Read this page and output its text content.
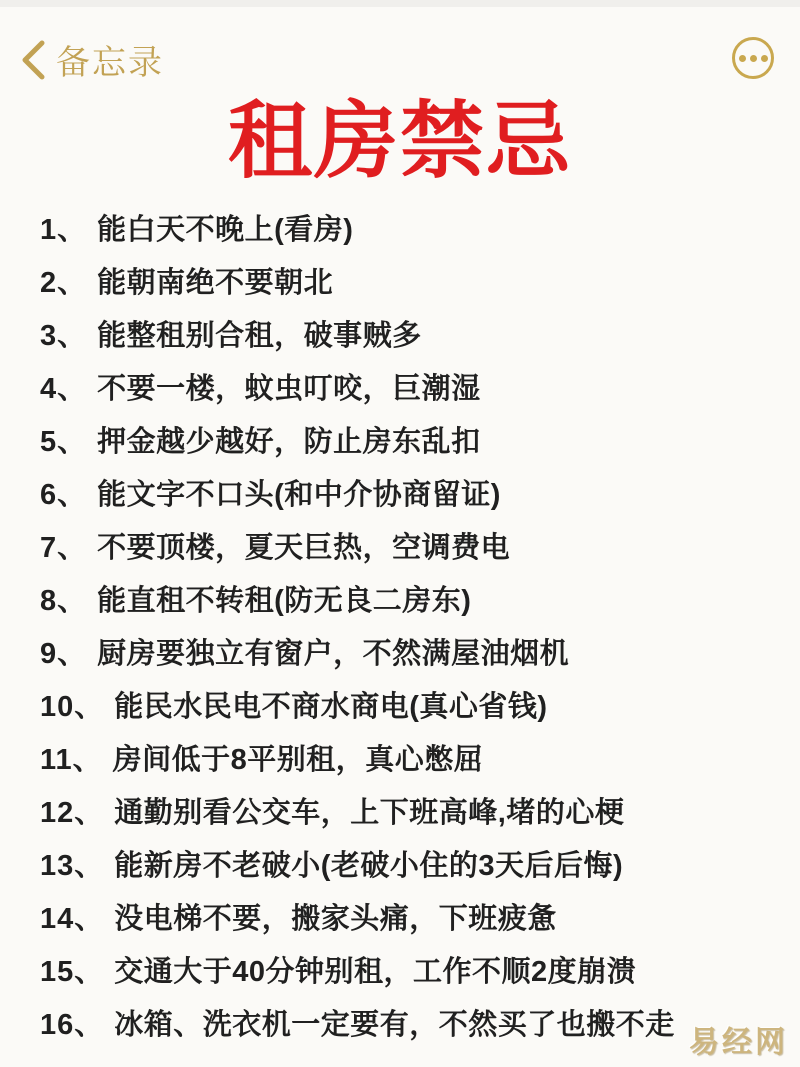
备忘录
租房禁忌
1、 能白天不晚上(看房)
2、 能朝南绝不要朝北
3、 能整租别合租，破事贼多
4、 不要一楼，蚊虫叮咬，巨潮湿
5、 押金越少越好，防止房东乱扣
6、 能文字不口头(和中介协商留证)
7、 不要顶楼，夏天巨热，空调费电
8、 能直租不转租(防无良二房东)
9、 厨房要独立有窗户，不然满屋油烟机
10、 能民水民电不商水商电(真心省钱)
11、 房间低于8平别租，真心憋屈
12、 通勤别看公交车，上下班高峰,堵的心梗
13、 能新房不老破小(老破小住的3天后后悔)
14、 没电梯不要，搬家头痛，下班疲惫
15、 交通大于40分钟别租，工作不顺2度崩溃
16、 冰箱、洗衣机一定要有，不然买了也搬不走
易经网
